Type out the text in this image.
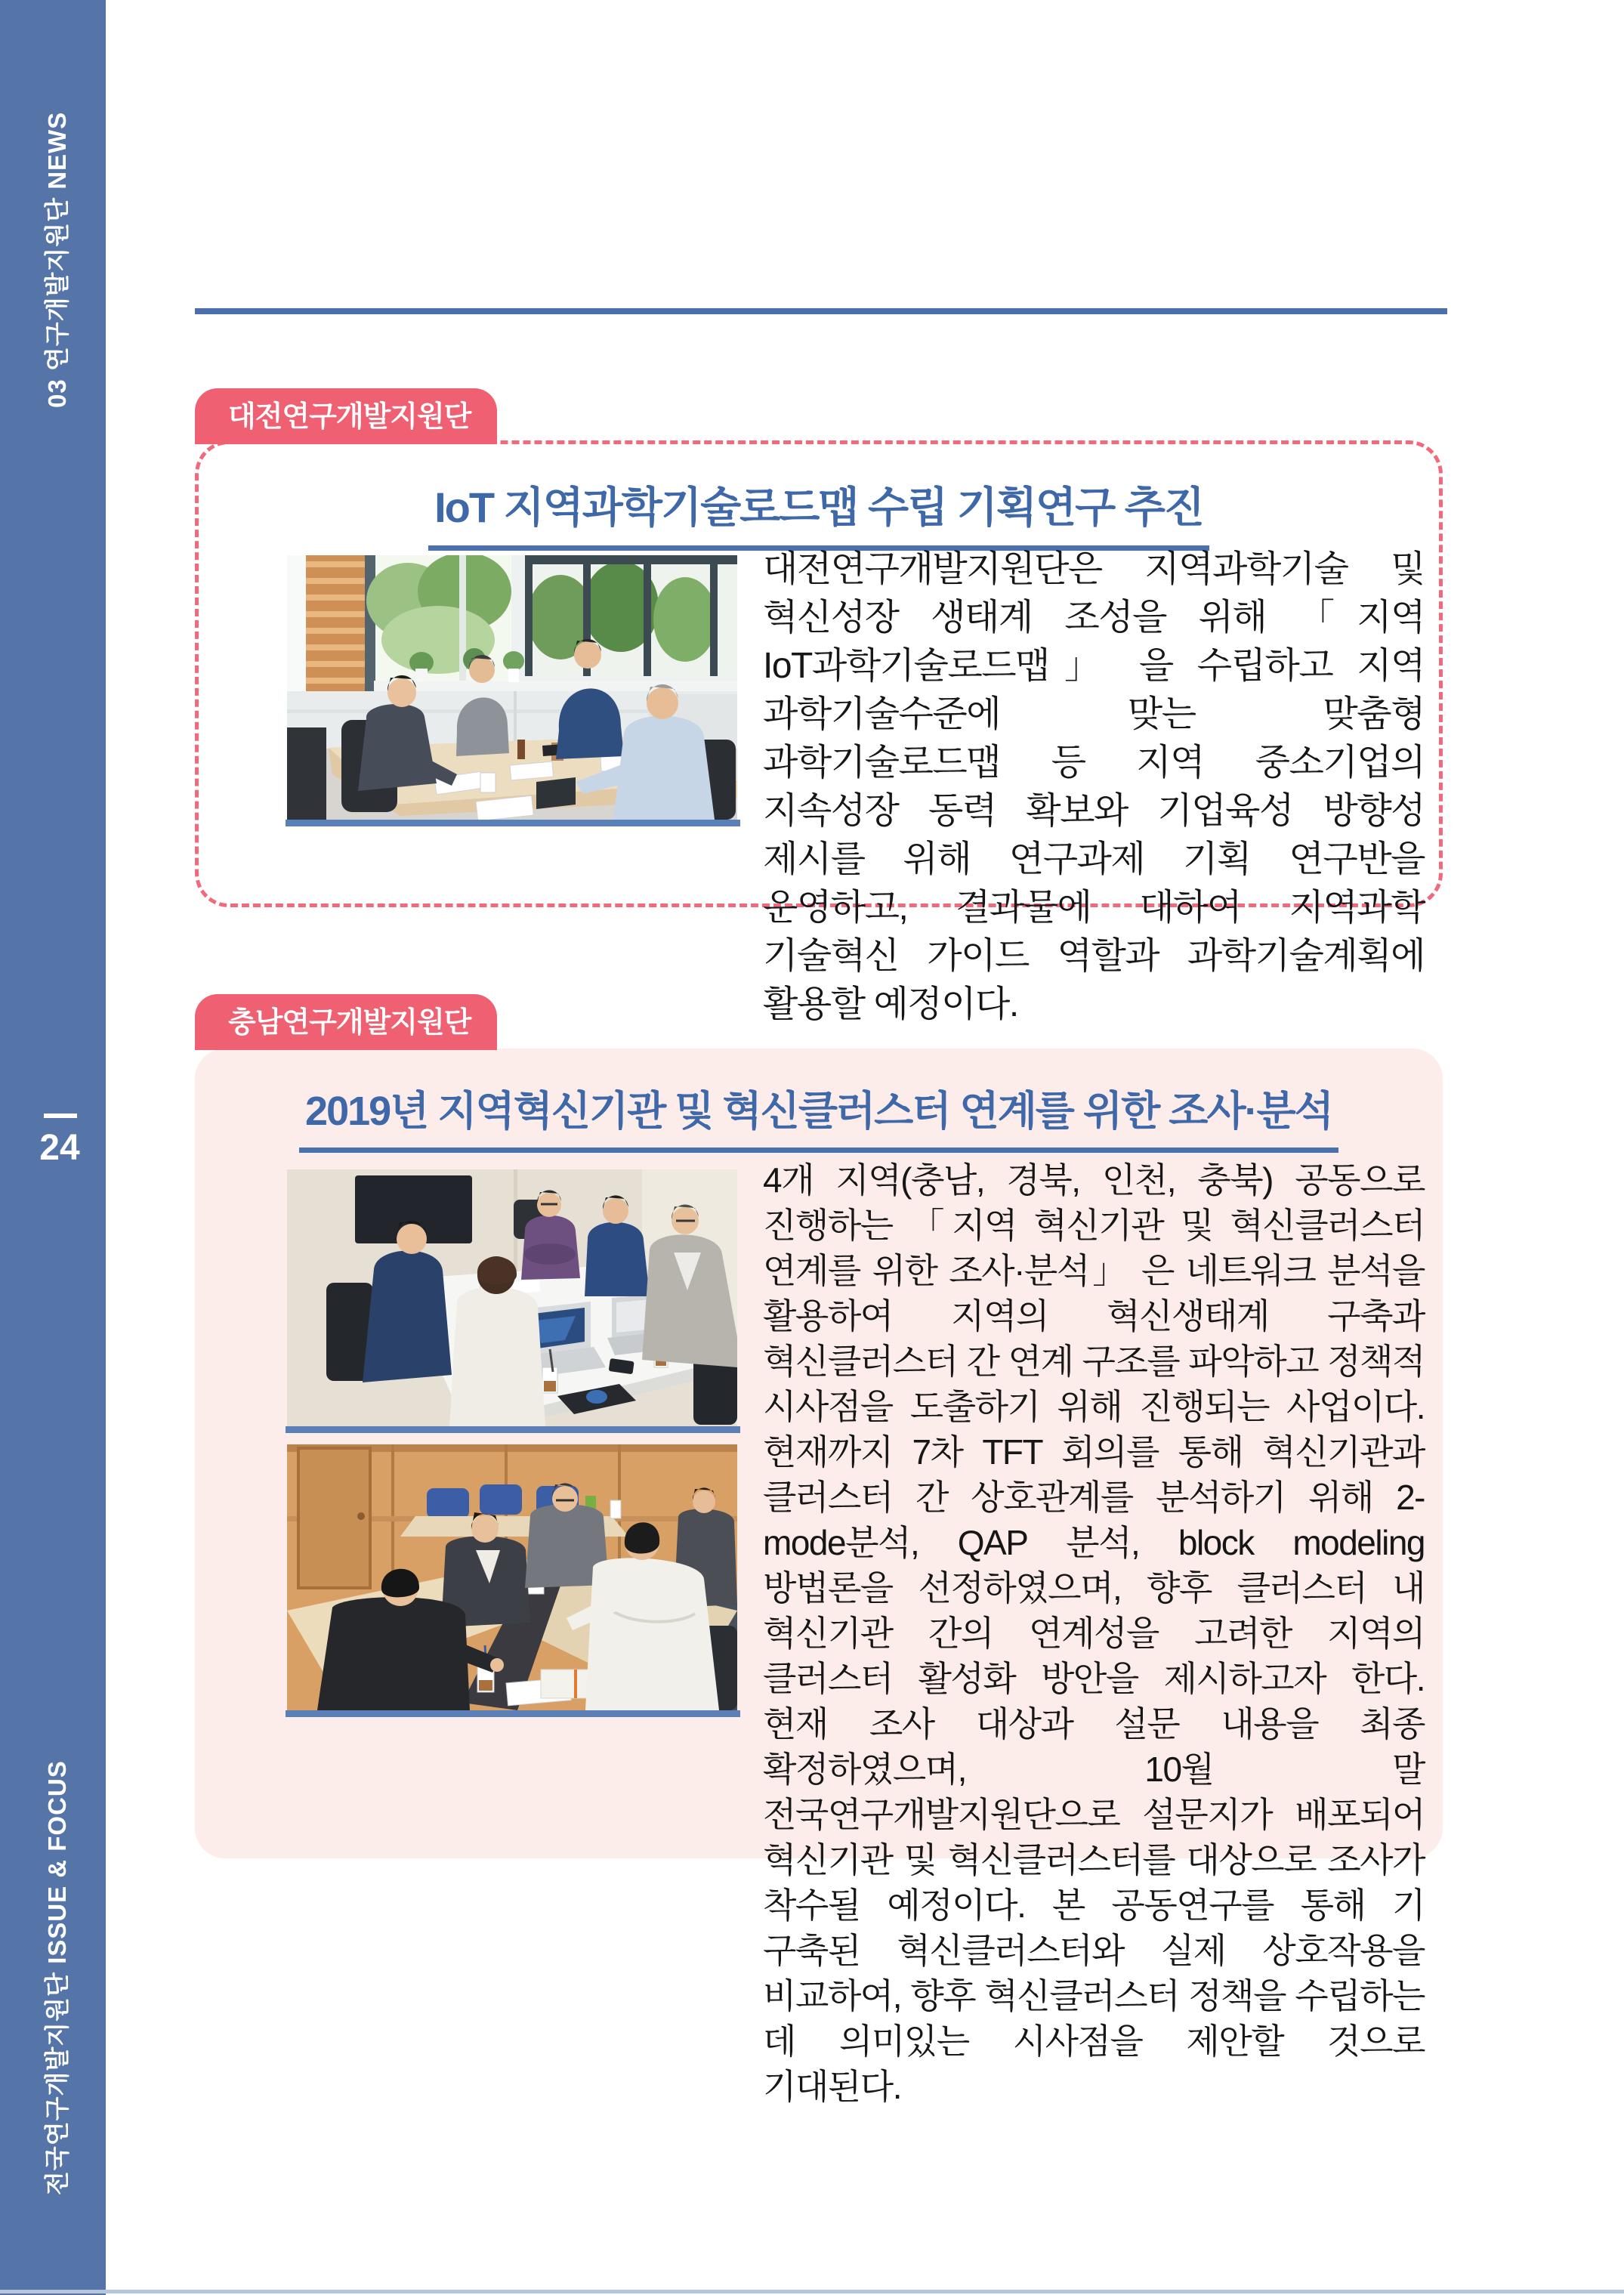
03 연구개발지원단 NEWS
24
전국연구개발지원단 ISSUE & FOCUS
대전연구개발지원단
IoT 지역과학기술로드맵 수립 기획연구 추진
대전연구개발지원단은 지역과학기술 및 혁신성장 생태계 조성을 위해 「지역 IoT과학기술로드맵」 을 수립하고 지역 과학기술수준에 맞는 맞춤형 과학기술로드맵 등 지역 중소기업의 지속성장 동력 확보와 기업육성 방향성 제시를 위해 연구과제 기획 연구반을 운영하고, 결과물에 대하여 지역과학 기술혁신 가이드 역할과 과학기술계획에 활용할 예정이다.
충남연구개발지원단
2019년 지역혁신기관 및 혁신클러스터 연계를 위한 조사·분석
4개 지역(충남, 경북, 인천, 충북) 공동으로 진행하는 「지역 혁신기관 및 혁신클러스터 연계를 위한 조사·분석」 은 네트워크 분석을 활용하여 지역의 혁신생태계 구축과 혁신클러스터 간 연계 구조를 파악하고 정책적 시사점을 도출하기 위해 진행되는 사업이다. 현재까지 7차 TFT 회의를 통해 혁신기관과 클러스터 간 상호관계를 분석하기 위해 2-mode분석, QAP 분석, block modeling 방법론을 선정하였으며, 향후 클러스터 내 혁신기관 간의 연계성을 고려한 지역의 클러스터 활성화 방안을 제시하고자 한다. 현재 조사 대상과 설문 내용을 최종 확정하였으며, 10월 말 전국연구개발지원단으로 설문지가 배포되어 혁신기관 및 혁신클러스터를 대상으로 조사가 착수될 예정이다. 본 공동연구를 통해 기 구축된 혁신클러스터와 실제 상호작용을 비교하여, 향후 혁신클러스터 정책을 수립하는 데 의미있는 시사점을 제안할 것으로 기대된다.
